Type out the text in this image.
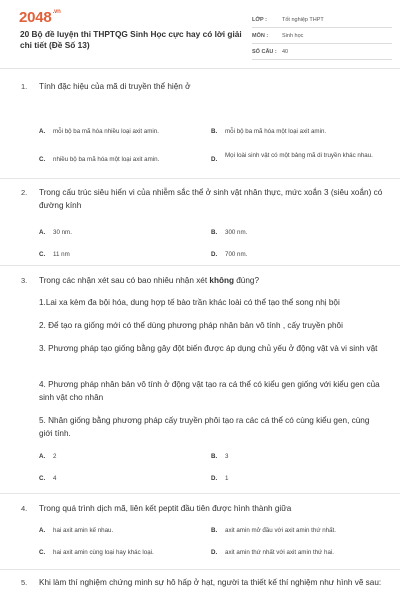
$2048^{.vn}$
20 Bộ đề luyện thi THPTQG Sinh Học cực hay có lời giải chi tiết (Đề Số 13)
LỚP :	Tốt nghiệp THPT
MÔN :	Sinh học
SỐ CÂU : 40
1. Tính đặc hiệu của mã di truyền thể hiện ở
A. mỗi bộ ba mã hóa nhiều loại axit amin.	B. mỗi bộ ba mã hóa một loại axit amin.
C. nhiều bộ ba mã hóa một loại axit amin.	D.
Mọi loài sinh vật có một bảng mã di truyền khác nhau.
2. Trong cấu trúc siêu hiển vi của nhiễm sắc thể ở sinh vật nhân thực, mức xoắn 3 (siêu xoắn) có đường kính
A. 30 nm.	B. 300 nm.
C. 11 nm	D. 700 nm.
3. Trong các nhận xét sau có bao nhiêu nhận xét không đúng?
1.Lai xa kèm đa bội hóa, dung hợp tế bào trần khác loài có thể tạo thể song nhị bội
2. Để tạo ra giống mới có thể dùng phương pháp nhân bản vô tính , cấy truyền phôi
3. Phương pháp tạo giống bằng gây đột biến được áp dụng chủ yếu ở động vật và vi sinh vật
4. Phương pháp nhân bản vô tính ở động vật tạo ra cá thể có kiểu gen giống với kiểu gen của sinh vật cho nhân
5. Nhân giống bằng phương pháp cấy truyền phôi tạo ra các cá thể có cùng kiểu gen, cùng giới tính.
A. 2	B. 3
C. 4	D. 1
4. Trong quá trình dịch mã, liên kết peptit đầu tiên được hình thành giữa
A. hai axit amin kế nhau.	B. axit amin mở đầu với axit amin thứ nhất.
C. hai axit amin cùng loại hay khác loại.	D. axit amin thứ nhất với axit amin thứ hai.
5. Khi làm thí nghiệm chứng minh sự hô hấp ở hạt, người ta thiết kế thí nghiệm như hình vẽ sau:
